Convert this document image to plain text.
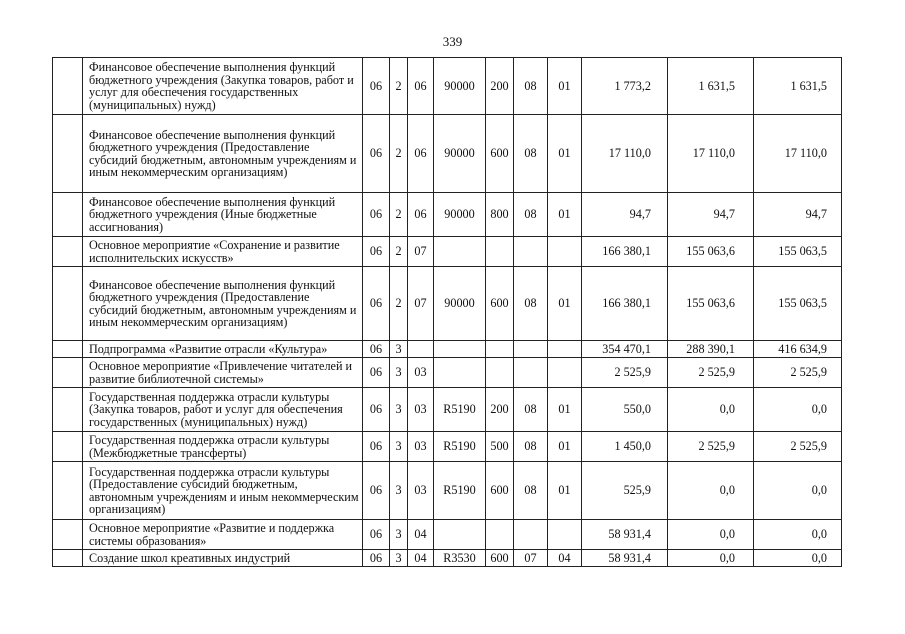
339
	Финансовое обеспечение выполнения функций бюджетного учреждения (Закупка товаров, работ и услуг для обеспечения государственных (муниципальных) нужд)	06	2	06	90000	200	08	01	1 773,2	1 631,5	1 631,5
	Финансовое обеспечение выполнения функций бюджетного учреждения (Предоставление субсидий бюджетным, автономным учреждениям и иным некоммерческим организациям)	06	2	06	90000	600	08	01	17 110,0	17 110,0	17 110,0
	Финансовое обеспечение выполнения функций бюджетного учреждения (Иные бюджетные ассигнования)	06	2	06	90000	800	08	01	94,7	94,7	94,7
	Основное мероприятие «Сохранение и развитие исполнительских искусств»	06	2	07					166 380,1	155 063,6	155 063,5
	Финансовое обеспечение выполнения функций бюджетного учреждения (Предоставление субсидий бюджетным, автономным учреждениям и иным некоммерческим организациям)	06	2	07	90000	600	08	01	166 380,1	155 063,6	155 063,5
	Подпрограмма «Развитие отрасли «Культура»	06	3						354 470,1	288 390,1	416 634,9
	Основное мероприятие «Привлечение читателей и развитие библиотечной системы»	06	3	03					2 525,9	2 525,9	2 525,9
	Государственная поддержка отрасли культуры (Закупка товаров, работ и услуг для обеспечения государственных (муниципальных) нужд)	06	3	03	R5190	200	08	01	550,0	0,0	0,0
	Государственная поддержка отрасли культуры (Межбюджетные трансферты)	06	3	03	R5190	500	08	01	1 450,0	2 525,9	2 525,9
	Государственная поддержка отрасли культуры (Предоставление субсидий бюджетным, автономным учреждениям и иным некоммерческим организациям)	06	3	03	R5190	600	08	01	525,9	0,0	0,0
	Основное мероприятие «Развитие и поддержка системы образования»	06	3	04					58 931,4	0,0	0,0
	Создание школ креативных индустрий	06	3	04	R3530	600	07	04	58 931,4	0,0	0,0
